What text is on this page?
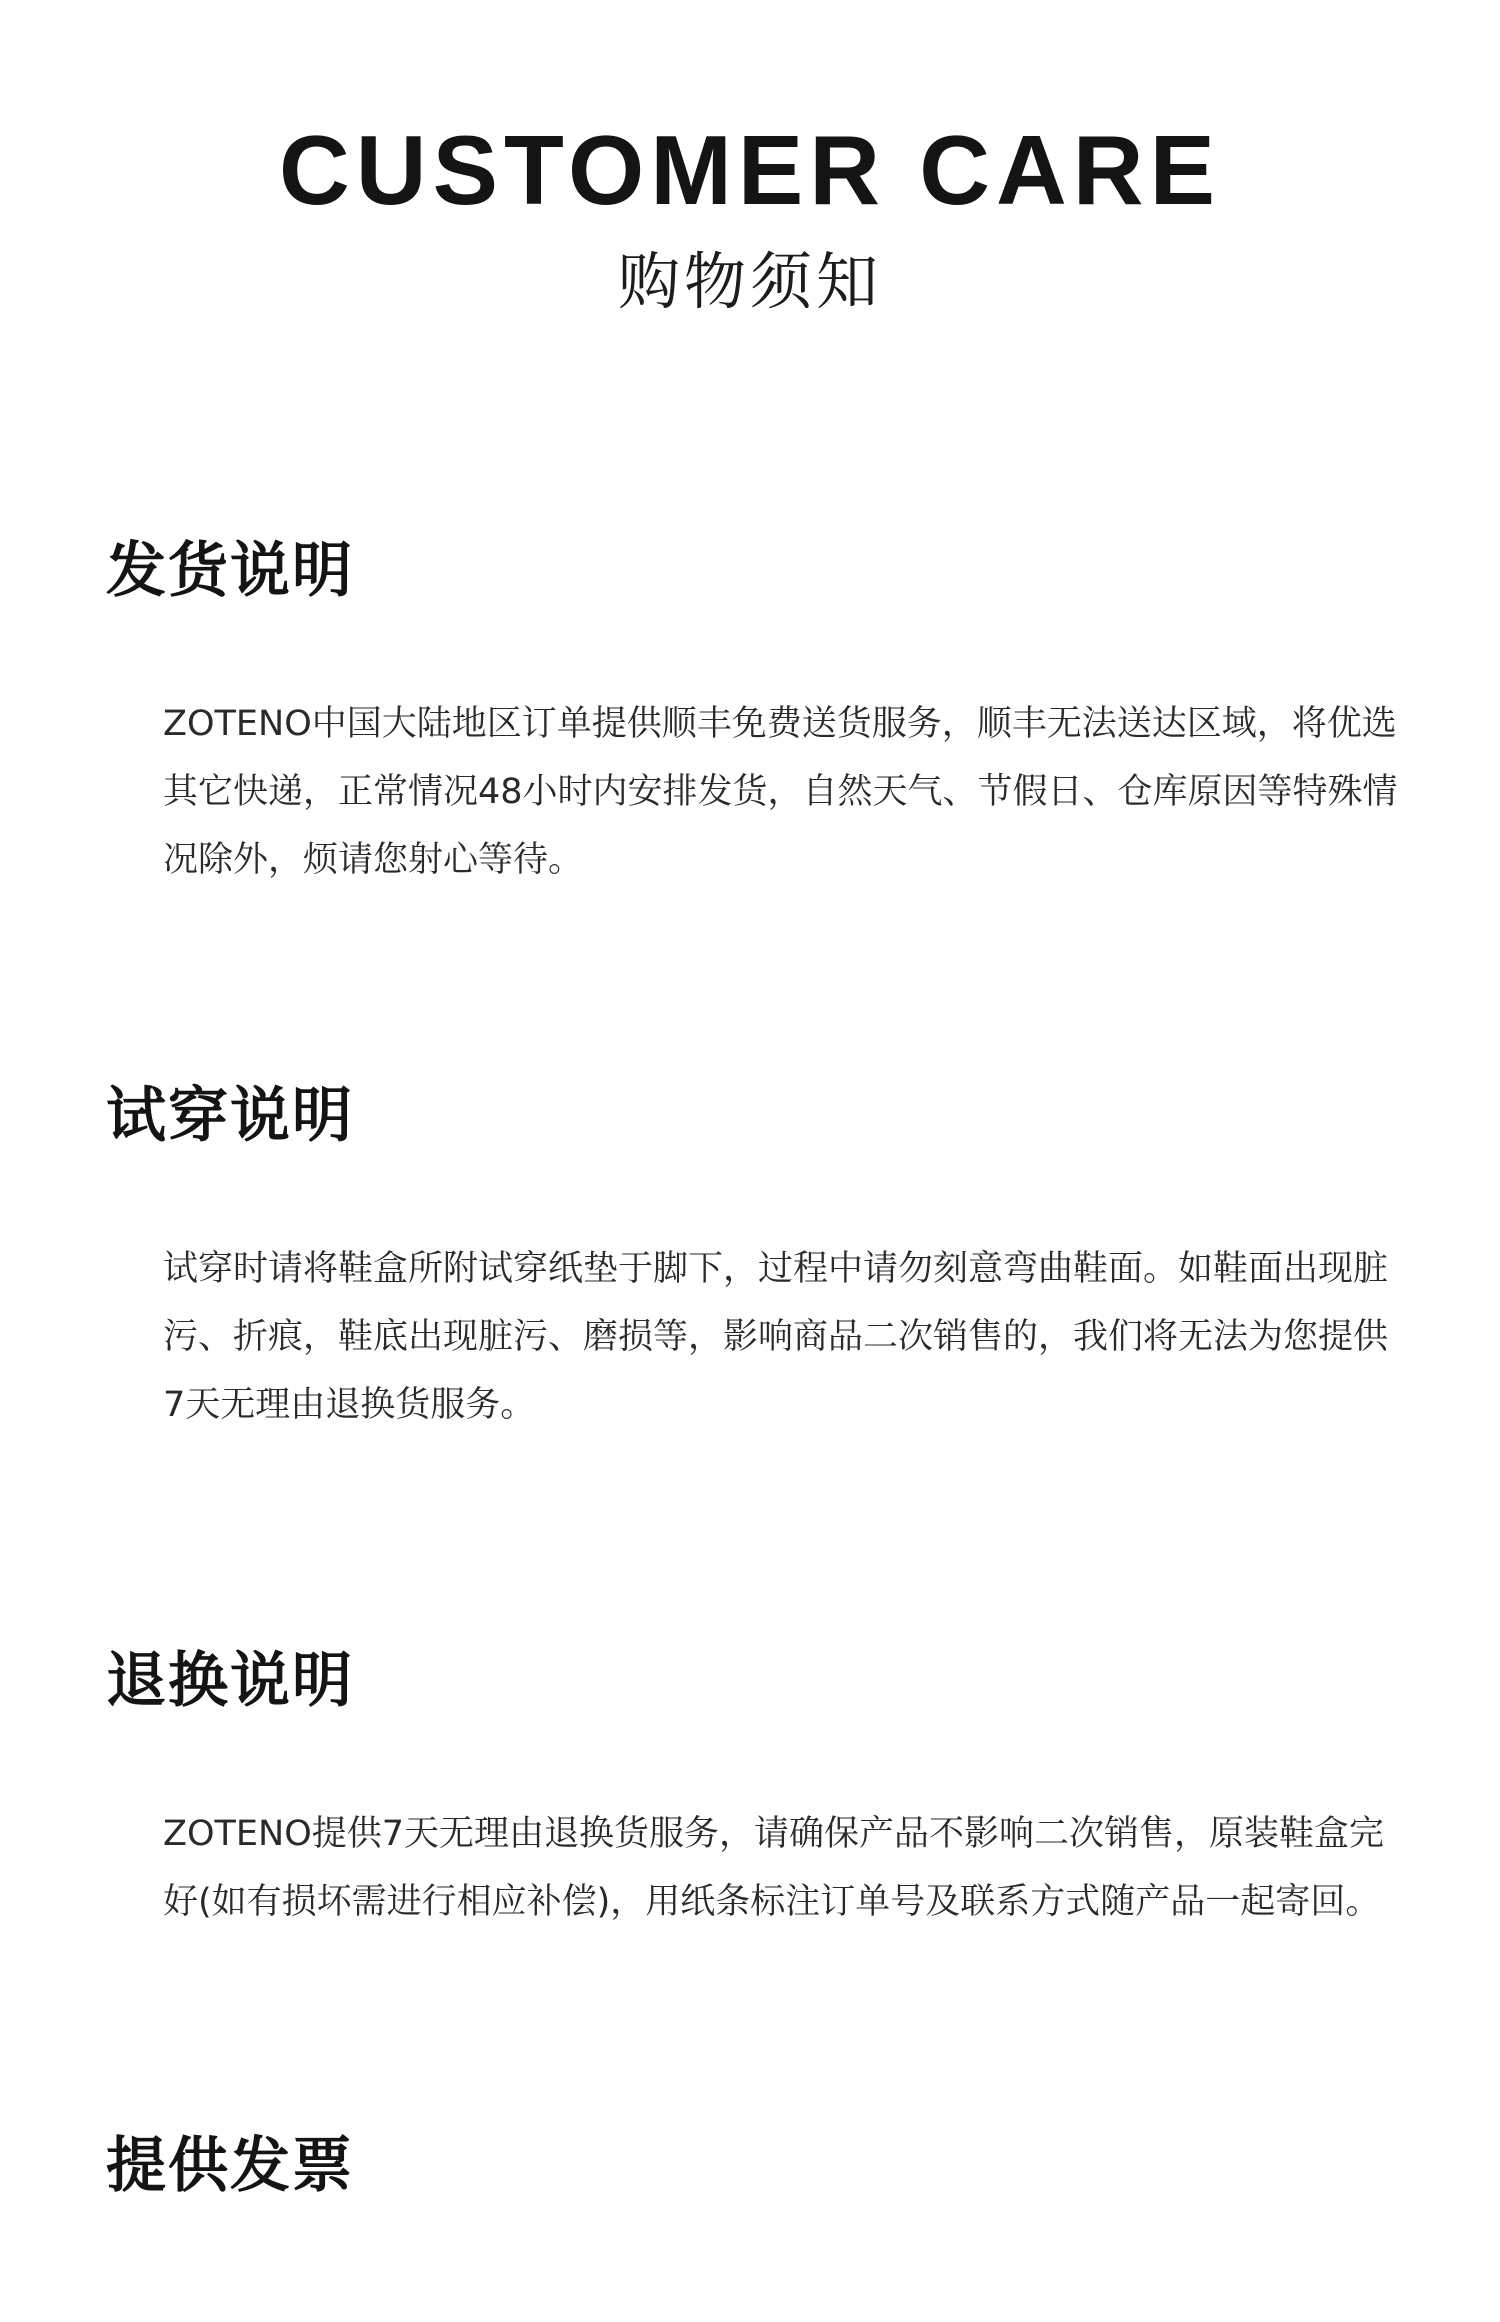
CUSTOMER CARE
购物须知
发货说明

ZOTENO中国大陆地区订单提供顺丰免费送货服务，顺丰无法送达区域，将优选其它快递，正常情况48小时内安排发货，自然天气、节假日、仓库原因等特殊情况除外，烦请您射心等待。

试穿说明

试穿时请将鞋盒所附试穿纸垫于脚下，过程中请勿刻意弯曲鞋面。如鞋面出现脏污、折痕，鞋底出现脏污、磨损等，影响商品二次销售的，我们将无法为您提供7天无理由退换货服务。

退换说明

ZOTENO提供7天无理由退换货服务，请确保产品不影响二次销售，原装鞋盒完好(如有损坏需进行相应补偿)，用纸条标注订单号及联系方式随产品一起寄回。

提供发票
